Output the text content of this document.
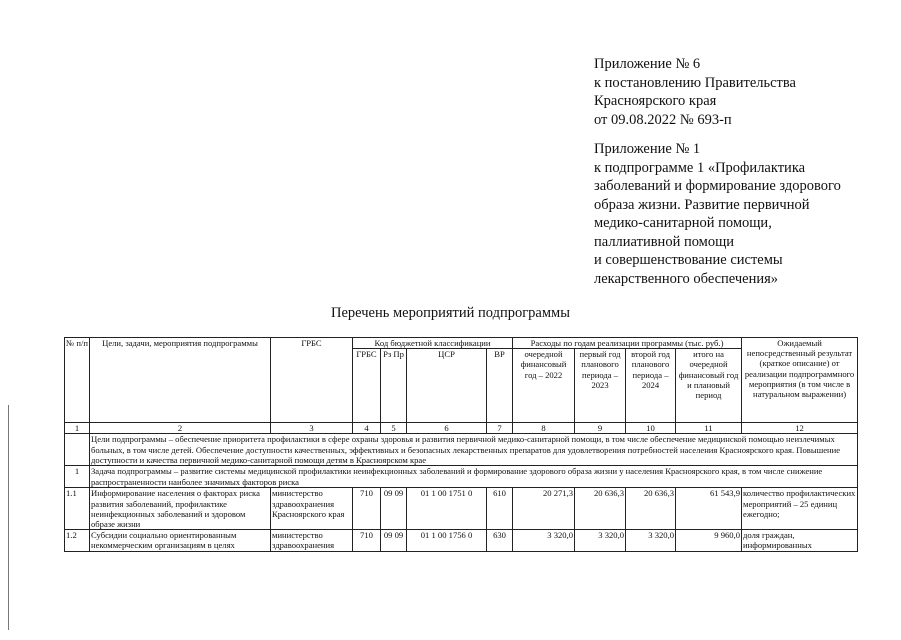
Приложение № 6
к постановлению Правительства
Красноярского края
от 09.08.2022 № 693-п
Приложение № 1
к подпрограмме 1 «Профилактика
заболеваний и формирование здорового
образа жизни. Развитие первичной
медико-санитарной помощи,
паллиативной помощи
и совершенствование системы
лекарственного обеспечения»
Перечень мероприятий подпрограммы
№ п/п	Цели, задачи, мероприятия подпрограммы	ГРБС	Код бюджетной классификации				Расходы по годам реализации программы (тыс. руб.)				Ожидаемый непосредственный результат (краткое описание) от реализации подпрограммного мероприятия (в том числе в натуральном выражении)
			ГРБС	Рз Пр	ЦСР	ВР	очередной финансовый год – 2022	первый год планового периода – 2023	второй год планового периода – 2024	итого на очередной финансовый год и плановый период	
1	2	3	4	5	6	7	8	9	10	11	12
	Цели подпрограммы – обеспечение приоритета профилактики в сфере охраны здоровья и развития первичной медико-санитарной помощи, в том числе обеспечение медицинской помощью неизлечимых больных, в том числе детей. Обеспечение доступности качественных, эффективных и безопасных лекарственных препаратов для удовлетворения потребностей населения Красноярского края. Повышение доступности и качества первичной медико-санитарной помощи детям в Красноярском крае										
1	Задача подпрограммы – развитие системы медицинской профилактики неинфекционных заболеваний и формирование здорового образа жизни у населения Красноярского края, в том числе снижение распространенности наиболее значимых факторов риска										
1.1	Информирование населения о факторах риска развития заболеваний, профилактике неинфекционных заболеваний и здоровом образе жизни	министерство здравоохранения Красноярского края	710	09 09	01 1 00 1751 0	610	20 271,3	20 636,3	20 636,3	61 543,9	количество профилактических мероприятий – 25 единиц ежегодно;
1.2	Субсидии социально ориентированным некоммерческим организациям в целях	министерство здравоохранения	710	09 09	01 1 00 1756 0	630	3 320,0	3 320,0	3 320,0	9 960,0	доля граждан, информированных
